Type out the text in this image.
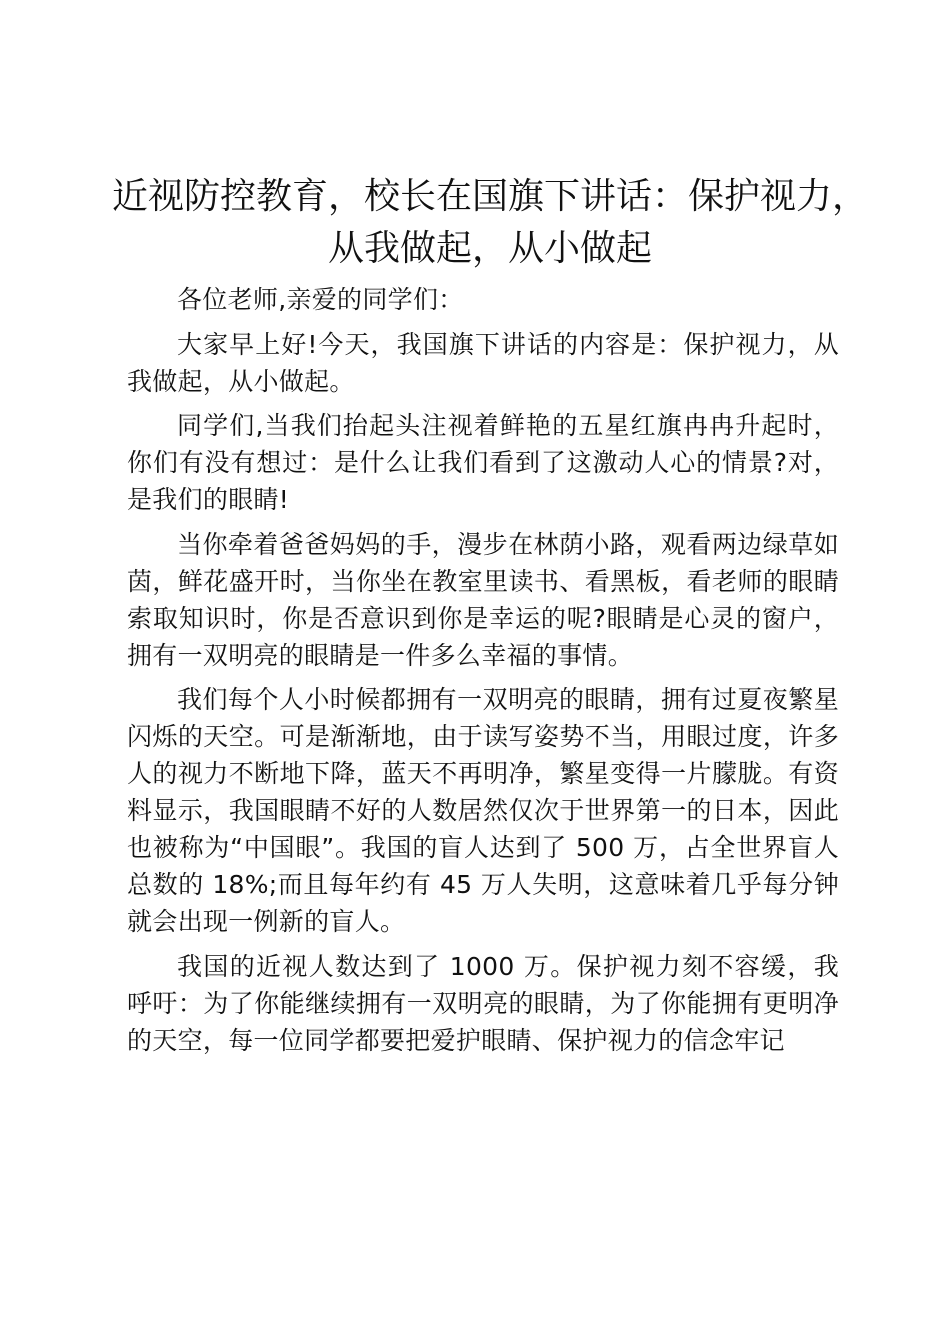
近视防控教育，校长在国旗下讲话：保护视力，从我做起，从小做起

各位老师,亲爱的同学们：

大家早上好!今天，我国旗下讲话的内容是：保护视力，从我做起，从小做起。

同学们,当我们抬起头注视着鲜艳的五星红旗冉冉升起时，你们有没有想过：是什么让我们看到了这激动人心的情景?对，是我们的眼睛!

当你牵着爸爸妈妈的手，漫步在林荫小路，观看两边绿草如茵，鲜花盛开时，当你坐在教室里读书、看黑板，看老师的眼睛索取知识时，你是否意识到你是幸运的呢?眼睛是心灵的窗户，拥有一双明亮的眼睛是一件多么幸福的事情。

我们每个人小时候都拥有一双明亮的眼睛，拥有过夏夜繁星闪烁的天空。可是渐渐地，由于读写姿势不当，用眼过度，许多人的视力不断地下降，蓝天不再明净，繁星变得一片朦胧。有资料显示，我国眼睛不好的人数居然仅次于世界第一的日本，因此也被称为“中国眼”。我国的盲人达到了 500 万，占全世界盲人总数的 18%;而且每年约有 45 万人失明，这意味着几乎每分钟就会出现一例新的盲人。

我国的近视人数达到了 1000 万。保护视力刻不容缓，我呼吁：为了你能继续拥有一双明亮的眼睛，为了你能拥有更明净的天空，每一位同学都要把爱护眼睛、保护视力的信念牢记
